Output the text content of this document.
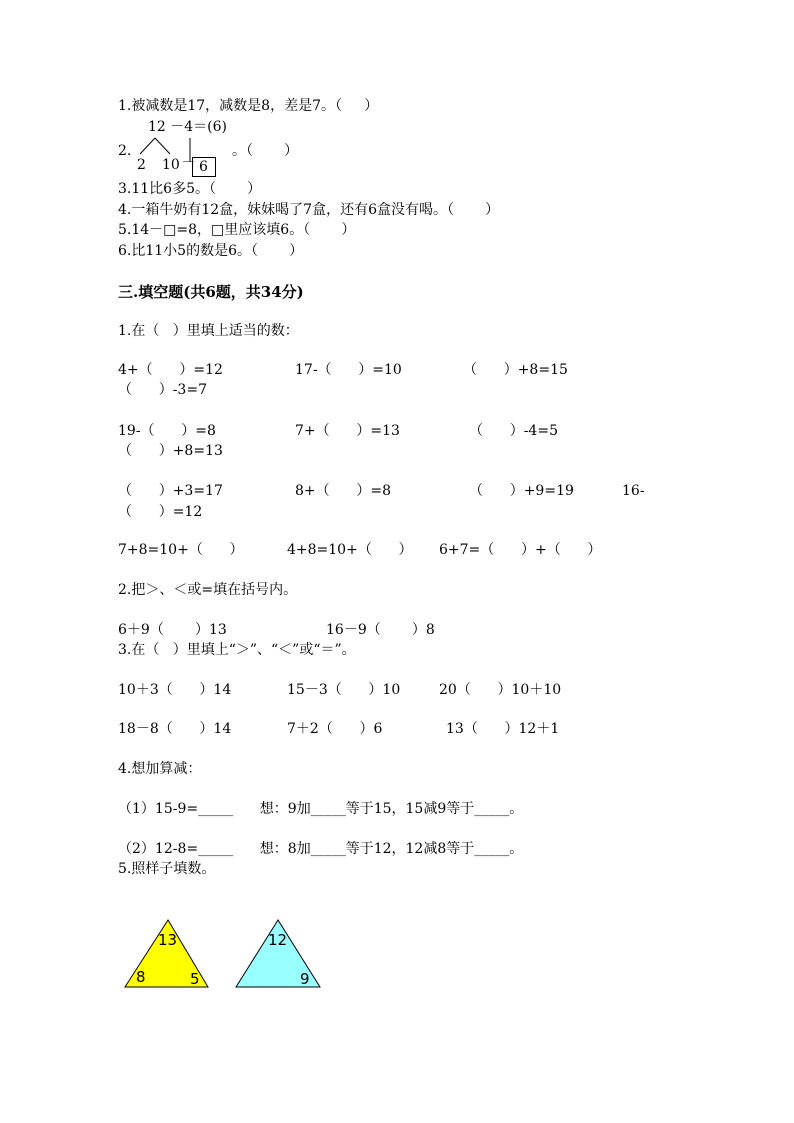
1.被减数是17，减数是8，差是7。（     ）
12 －4＝(6)
2.
2 10 6
。（       ）
3.11比6多5。（       ）
4.一箱牛奶有12盒，妹妹喝了7盒，还有6盒没有喝。（       ）
5.14－□=8，□里应该填6。（       ）
6.比11小5的数是6。（       ）
三.填空题(共6题，共34分)
1.在（   ）里填上适当的数：
4+（      ）=12	17-（      ）=10	（      ）+8=15
（      ）-3=7
19-（      ）=8	7+（      ）=13	（      ）-4=5
（      ）+8=13
（      ）+3=17	8+（      ）=8	（      ）+9=19	16-
（      ）=12
7+8=10+（      ）	4+8=10+（      ） 6+7=（      ）+（      ）
2.把＞、＜或=填在括号内。
6＋9（       ）13	16－9（       ）8
3.在（   ）里填上“＞”、“＜”或“＝”。
10＋3（      ）14	15－3（      ）10	20（      ）10＋10
18－8（      ）14	7＋2（      ）6	13（      ）12＋1
4.想加算减：
（1）15-9=_____      想：9加_____等于15，15减9等于_____。
（2）12-8=_____      想：8加_____等于12，12减8等于_____。
5.照样子填数。
13
8	5
12
9
